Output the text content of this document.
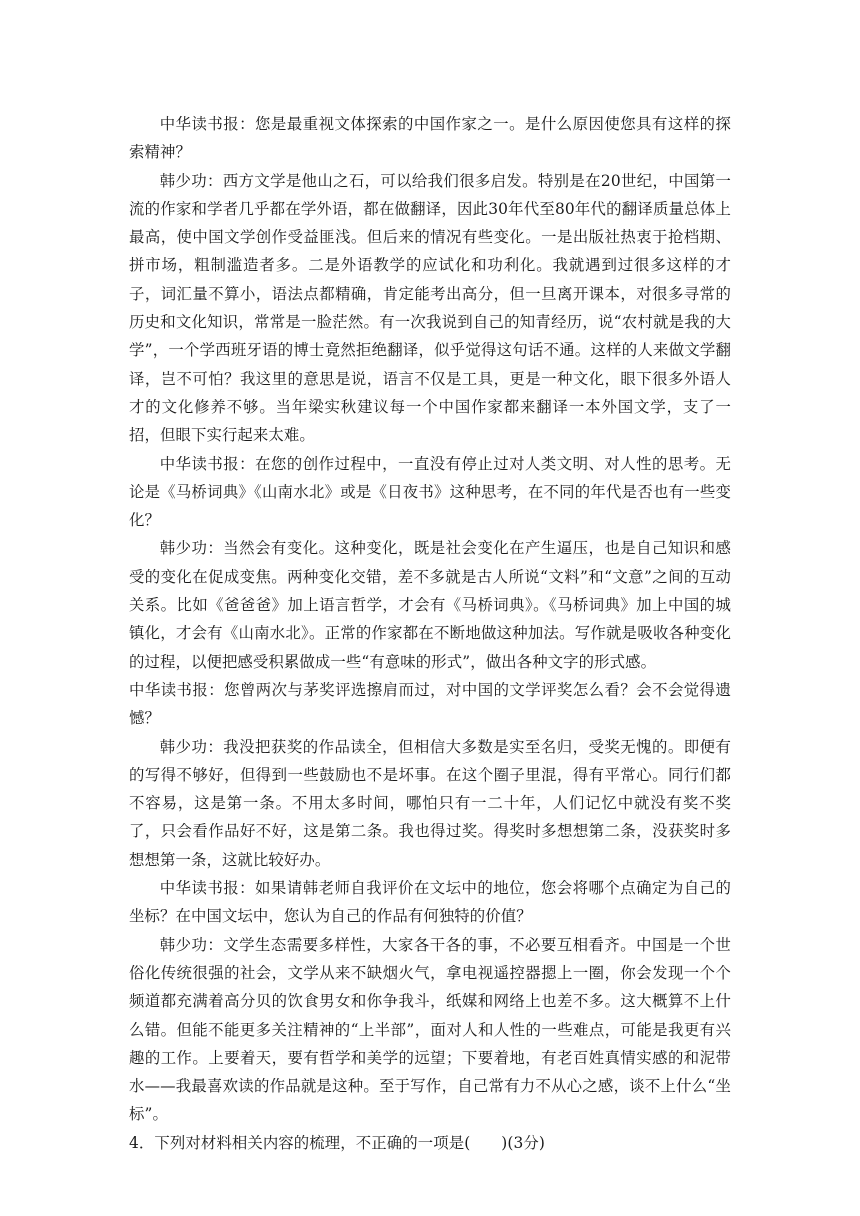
中华读书报：您是最重视文体探索的中国作家之一。是什么原因使您具有这样的探索精神？

韩少功：西方文学是他山之石，可以给我们很多启发。特别是在20世纪，中国第一流的作家和学者几乎都在学外语，都在做翻译，因此30年代至80年代的翻译质量总体上最高，使中国文学创作受益匪浅。但后来的情况有些变化。一是出版社热衷于抢档期、拼市场，粗制滥造者多。二是外语教学的应试化和功利化。我就遇到过很多这样的才子，词汇量不算小，语法点都精确，肯定能考出高分，但一旦离开课本，对很多寻常的历史和文化知识，常常是一脸茫然。有一次我说到自己的知青经历，说“农村就是我的大学”，一个学西班牙语的博士竟然拒绝翻译，似乎觉得这句话不通。这样的人来做文学翻译，岂不可怕？我这里的意思是说，语言不仅是工具，更是一种文化，眼下很多外语人才的文化修养不够。当年梁实秋建议每一个中国作家都来翻译一本外国文学，支了一招，但眼下实行起来太难。

中华读书报：在您的创作过程中，一直没有停止过对人类文明、对人性的思考。无论是《马桥词典》《山南水北》或是《日夜书》这种思考，在不同的年代是否也有一些变化？

韩少功：当然会有变化。这种变化，既是社会变化在产生逼压，也是自己知识和感受的变化在促成变焦。两种变化交错，差不多就是古人所说“文料”和“文意”之间的互动关系。比如《爸爸爸》加上语言哲学，才会有《马桥词典》。《马桥词典》加上中国的城镇化，才会有《山南水北》。正常的作家都在不断地做这种加法。写作就是吸收各种变化的过程，以便把感受积累做成一些“有意味的形式”，做出各种文字的形式感。

中华读书报：您曾两次与茅奖评选擦肩而过，对中国的文学评奖怎么看？会不会觉得遗憾？

韩少功：我没把获奖的作品读全，但相信大多数是实至名归，受奖无愧的。即便有的写得不够好，但得到一些鼓励也不是坏事。在这个圈子里混，得有平常心。同行们都不容易，这是第一条。不用太多时间，哪怕只有一二十年，人们记忆中就没有奖不奖了，只会看作品好不好，这是第二条。我也得过奖。得奖时多想想第二条，没获奖时多想想第一条，这就比较好办。

中华读书报：如果请韩老师自我评价在文坛中的地位，您会将哪个点确定为自己的坐标？在中国文坛中，您认为自己的作品有何独特的价值？

韩少功：文学生态需要多样性，大家各干各的事，不必要互相看齐。中国是一个世俗化传统很强的社会，文学从来不缺烟火气，拿电视遥控器摁上一圈，你会发现一个个频道都充满着高分贝的饮食男女和你争我斗，纸媒和网络上也差不多。这大概算不上什么错。但能不能更多关注精神的“上半部”，面对人和人性的一些难点，可能是我更有兴趣的工作。上要着天，要有哲学和美学的远望；下要着地，有老百姓真情实感的和泥带水——我最喜欢读的作品就是这种。至于写作，自己常有力不从心之感，谈不上什么“坐标”。

4．下列对材料相关内容的梳理，不正确的一项是(　　)(3分)
